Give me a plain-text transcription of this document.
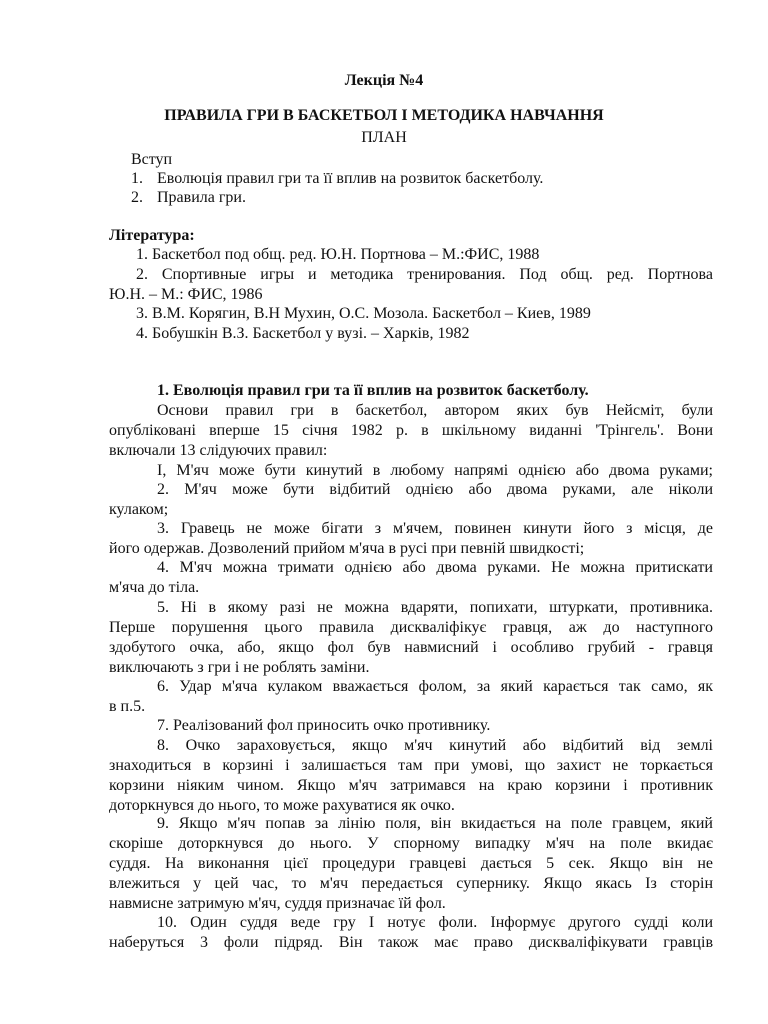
Лекція №4
ПРАВИЛА ГРИ В БАСКЕТБОЛ І МЕТОДИКА НАВЧАННЯ
ПЛАН
Вступ
1. Еволюція правил гри та її вплив на розвиток баскетболу.
2. Правила гри.
Література:
1. Баскетбол под общ. ред. Ю.Н. Портнова – М.:ФИС, 1988
2. Спортивные игры и методика тренирования. Под общ. ред. Портнова
Ю.Н. – М.: ФИС, 1986
3. В.М. Корягин, В.Н Мухин, О.С. Мозола. Баскетбол – Киев, 1989
4. Бобушкін В.З. Баскетбол у вузі. – Харків, 1982
1. Еволюція правил гри та її вплив на розвиток баскетболу.
Основи правил гри в баскетбол, автором яких був Нейсміт, були
опубліковані вперше 15 січня 1982 р. в шкільному виданні 'Трінгель'. Вони
включали 13 слідуючих правил:
І, М'яч може бути кинутий в любому напрямі однією або двома руками;
2. М'яч може бути відбитий однією або двома руками, але ніколи
кулаком;
3. Гравець не може бігати з м'ячем, повинен кинути його з місця, де
його одержав. Дозволений прийом м'яча в русі при певній швидкості;
4. М'яч можна тримати однією або двома руками. Не можна притискати
м'яча до тіла.
5. Ні в якому разі не можна вдаряти, попихати, штуркати, противника.
Перше порушення цього правила дискваліфікує гравця, аж до наступного
здобутого очка, або, якщо фол був навмисний і особливо грубий - гравця
виключають з гри і не роблять заміни.
6. Удар м'яча кулаком вважається фолом, за який карається так само, як
в п.5.
7. Реалізований фол приносить очко противнику.
8. Очко зараховується, якщо м'яч кинутий або відбитий від землі
знаходиться в корзині і залишається там при умові, що захист не торкається
корзини ніяким чином. Якщо м'яч затримався на краю корзини і противник
доторкнувся до нього, то може рахуватися як очко.
9. Якщо м'яч попав за лінію поля, він вкидається на поле гравцем, який
скоріше доторкнувся до нього. У спорному випадку м'яч на поле вкидає
суддя. На виконання цієї процедури гравцеві дається 5 сек. Якщо він не
влежиться у цей час, то м'яч передається супернику. Якщо якась Із сторін
навмисне затримую м'яч, суддя призначає їй фол.
10. Один суддя веде гру І нотує фоли. Інформує другого судді коли
наберуться 3 фоли підряд. Він також має право дискваліфікувати гравців
